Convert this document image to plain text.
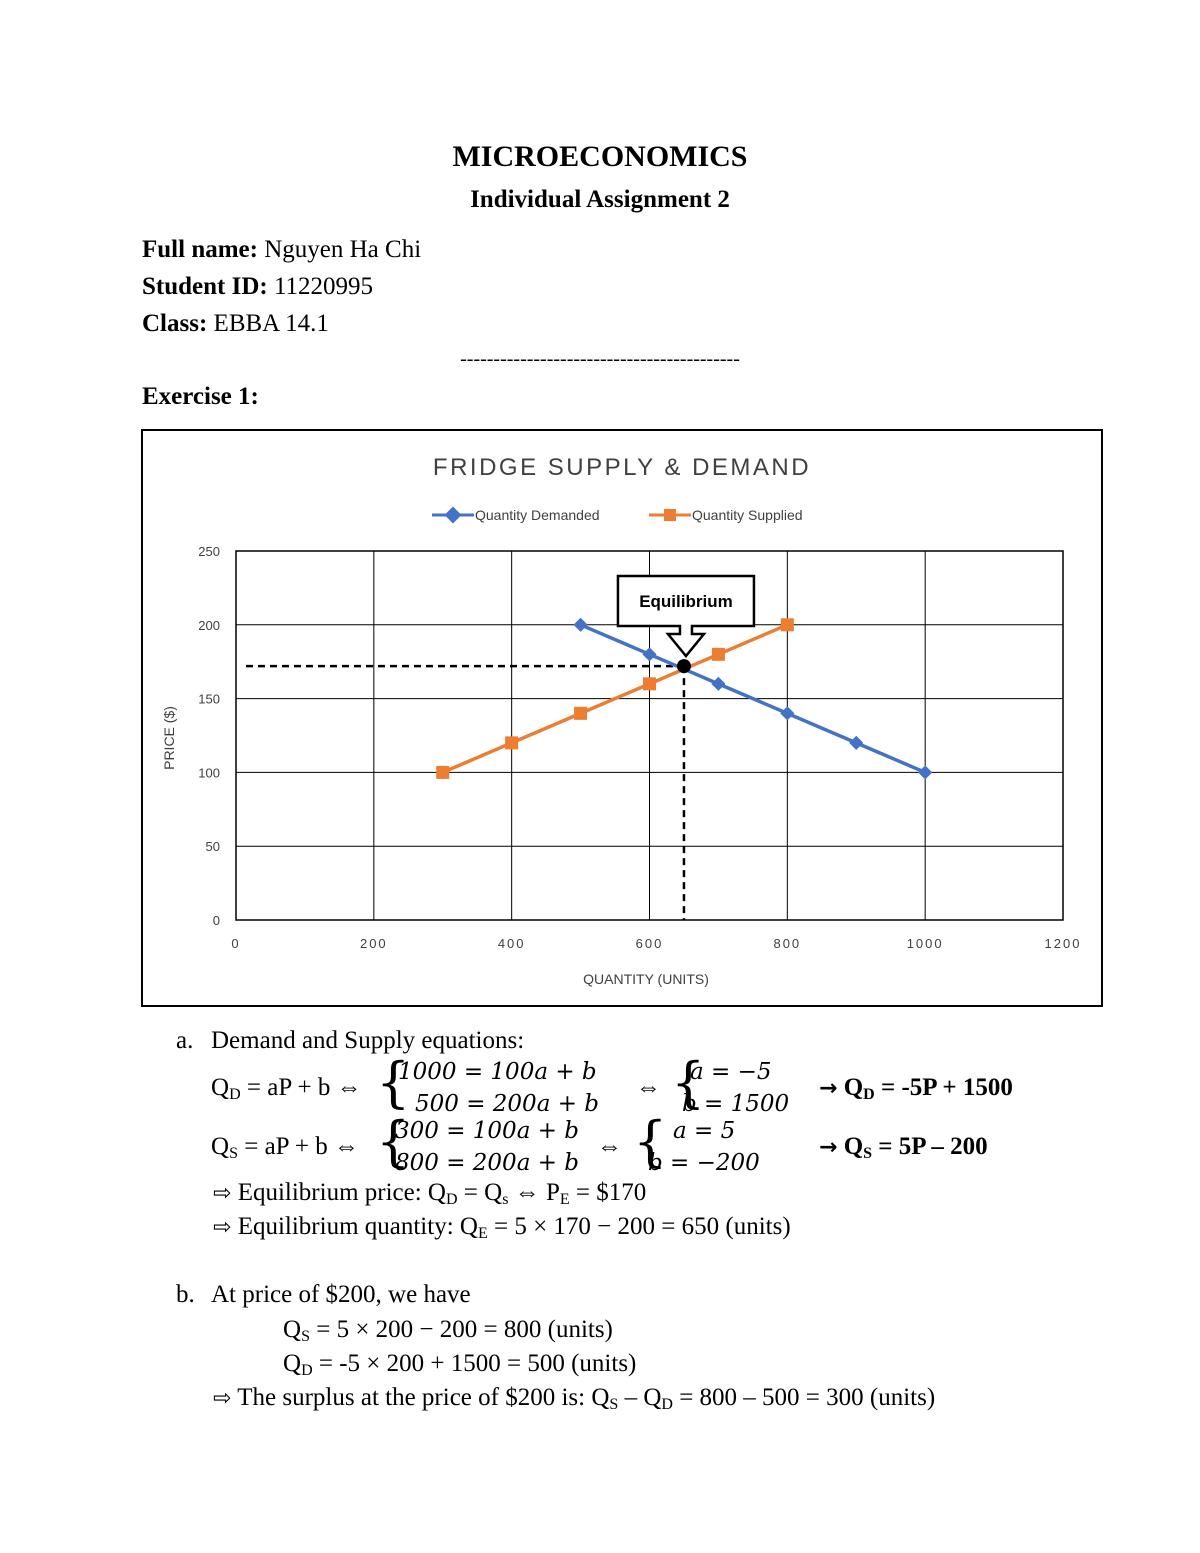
MICROECONOMICS
Individual Assignment 2
Full name: Nguyen Ha Chi
Student ID: 11220995
Class: EBBA 14.1
------------------------------------------
Exercise 1:
FRIDGE SUPPLY & DEMAND
Quantity Demanded	Quantity Supplied
0
50
100
150
200
250
0	200	400	600	800	1000	1200
Equilibrium
QUANTITY (UNITS)
PRICE ($)
a. Demand and Supply equations:
QD = aP + b ⇔ {
1000 = 100a + b
500 = 200a + b
⇔ {
a = −5
b = 1500
→ QD = -5P + 1500
QS = aP + b ⇔ {
300 = 100a + b
800 = 200a + b
⇔ { a = 5
b = −200
→ QS = 5P – 200
⇨ Equilibrium price: QD = Qs ⇔ PE = $170
⇨ Equilibrium quantity: QE = 5 × 170 − 200 = 650 (units)
b. At price of $200, we have
QS = 5 × 200 − 200 = 800 (units)
QD = -5 × 200 + 1500 = 500 (units)
⇨ The surplus at the price of $200 is: QS – QD = 800 – 500 = 300 (units)
